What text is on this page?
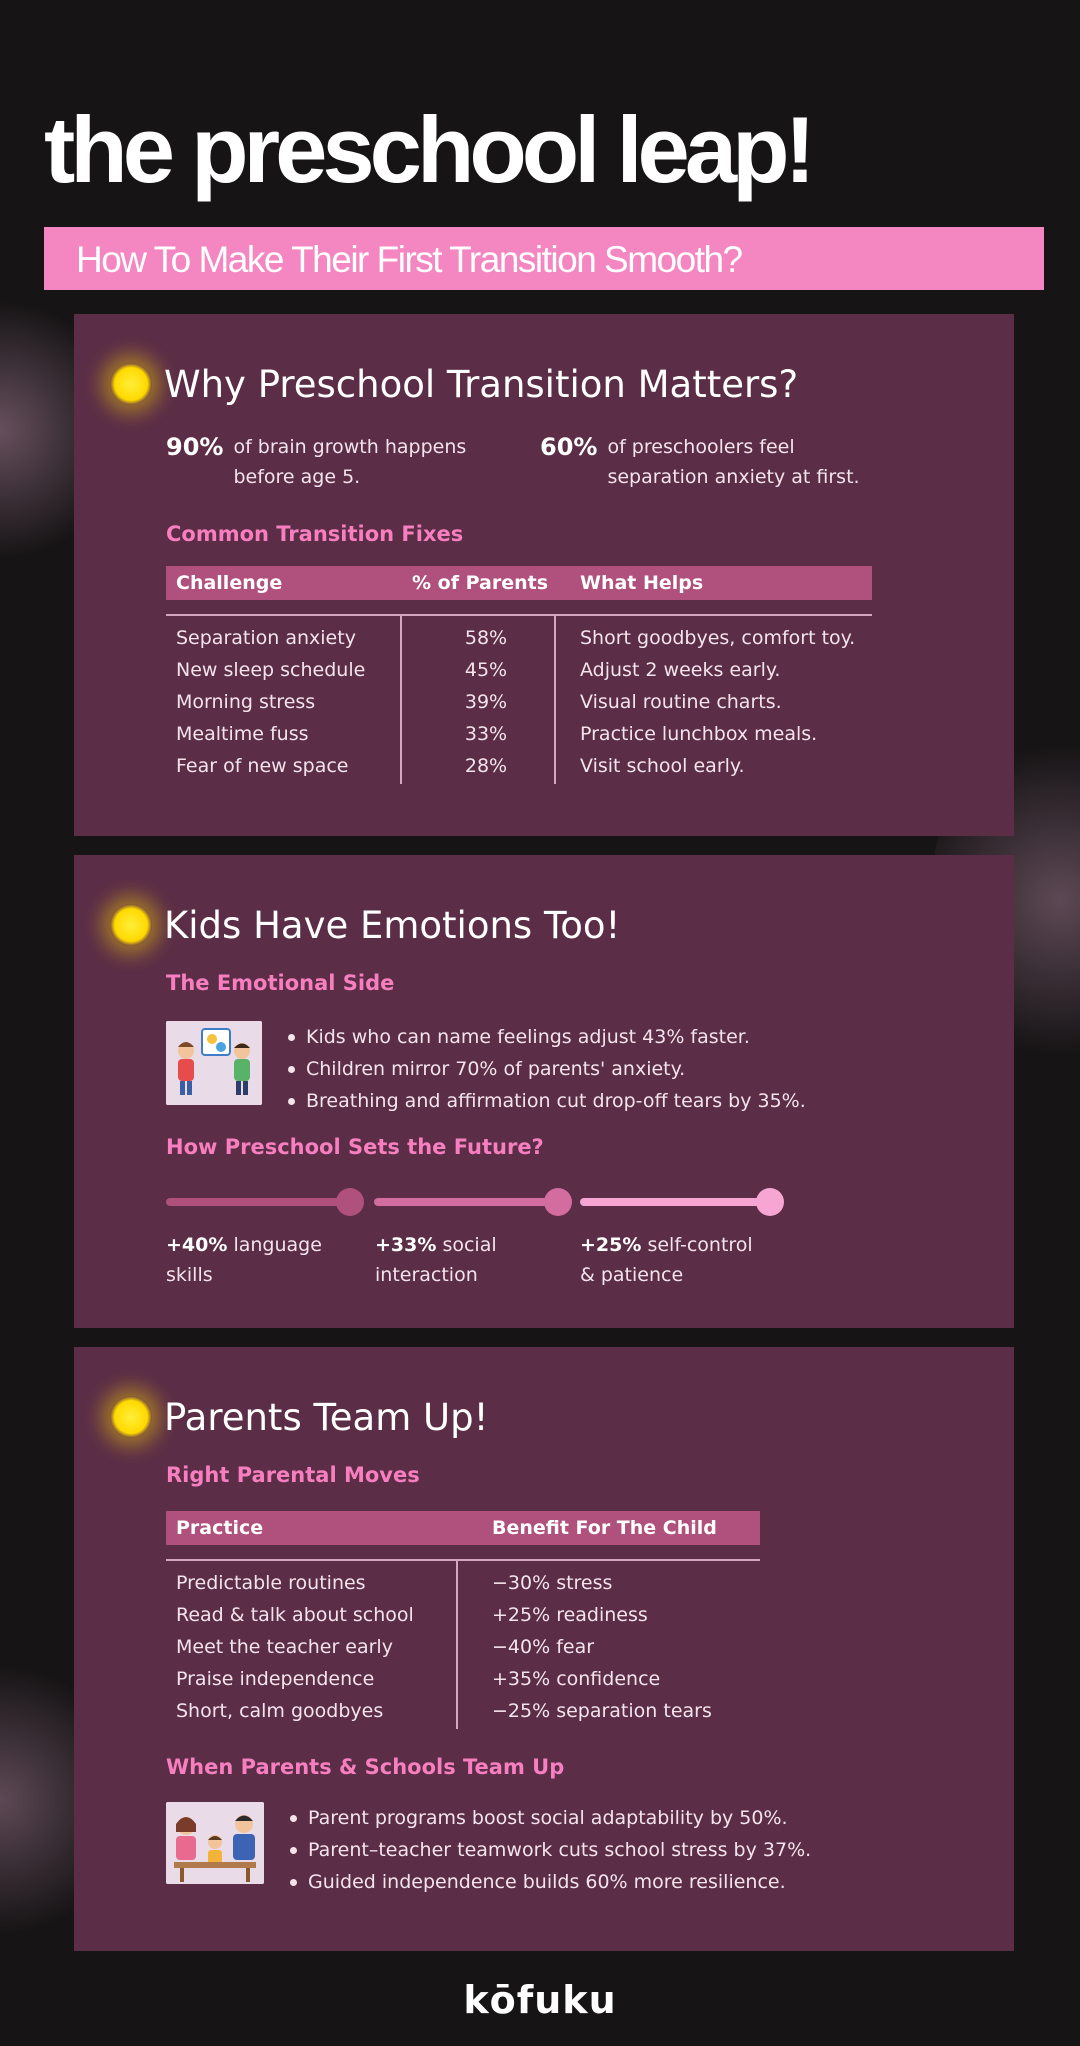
the preschool leap!
How To Make Their First Transition Smooth?
Why Preschool Transition Matters?
90% of brain growth happens before age 5.
60% of preschoolers feel separation anxiety at first.
Common Transition Fixes
Challenge	% of Parents	What Helps
Separation anxiety	58%	Short goodbyes, comfort toy.
New sleep schedule	45%	Adjust 2 weeks early.
Morning stress	39%	Visual routine charts.
Mealtime fuss	33%	Practice lunchbox meals.
Fear of new space	28%	Visit school early.
Kids Have Emotions Too!
The Emotional Side
Kids who can name feelings adjust 43% faster.
Children mirror 70% of parents' anxiety.
Breathing and affirmation cut drop-off tears by 35%.
How Preschool Sets the Future?
+40% language
skills
+33% social
interaction
+25% self-control
& patience
Parents Team Up!
Right Parental Moves
Practice	Benefit For The Child
Predictable routines	−30% stress
Read & talk about school	+25% readiness
Meet the teacher early	−40% fear
Praise independence	+35% confidence
Short, calm goodbyes	−25% separation tears
When Parents & Schools Team Up
Parent programs boost social adaptability by 50%.
Parent–teacher teamwork cuts school stress by 37%.
Guided independence builds 60% more resilience.
kōfuku
